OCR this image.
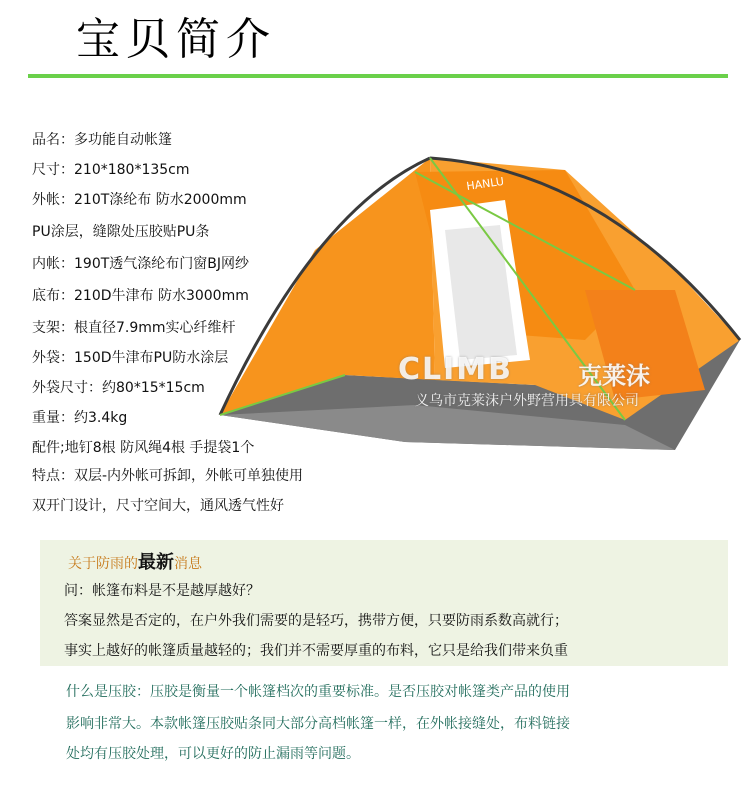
宝贝简介
HANLU
CLIMB	克莱沫
义乌市克莱沫户外野营用具有限公司
品名：多功能自动帐篷
尺寸：210*180*135cm
外帐：210T涤纶布 防水2000mm
PU涂层，缝隙处压胶贴PU条
内帐：190T透气涤纶布门窗BJ网纱
底布：210D牛津布 防水3000mm
支架：根直径7.9mm实心纤维杆
外袋：150D牛津布PU防水涂层
外袋尺寸：约80*15*15cm
重量：约3.4kg
配件;地钉8根 防风绳4根 手提袋1个
特点：双层-内外帐可拆卸，外帐可单独使用
双开门设计，尺寸空间大，通风透气性好
关于防雨的最新消息
问：帐篷布料是不是越厚越好？
答案显然是否定的，在户外我们需要的是轻巧，携带方便，只要防雨系数高就行；
事实上越好的帐篷质量越轻的；我们并不需要厚重的布料，它只是给我们带来负重
什么是压胶：压胶是衡量一个帐篷档次的重要标准。是否压胶对帐篷类产品的使用
影响非常大。本款帐篷压胶贴条同大部分高档帐篷一样，在外帐接缝处，布料链接
处均有压胶处理，可以更好的防止漏雨等问题。
